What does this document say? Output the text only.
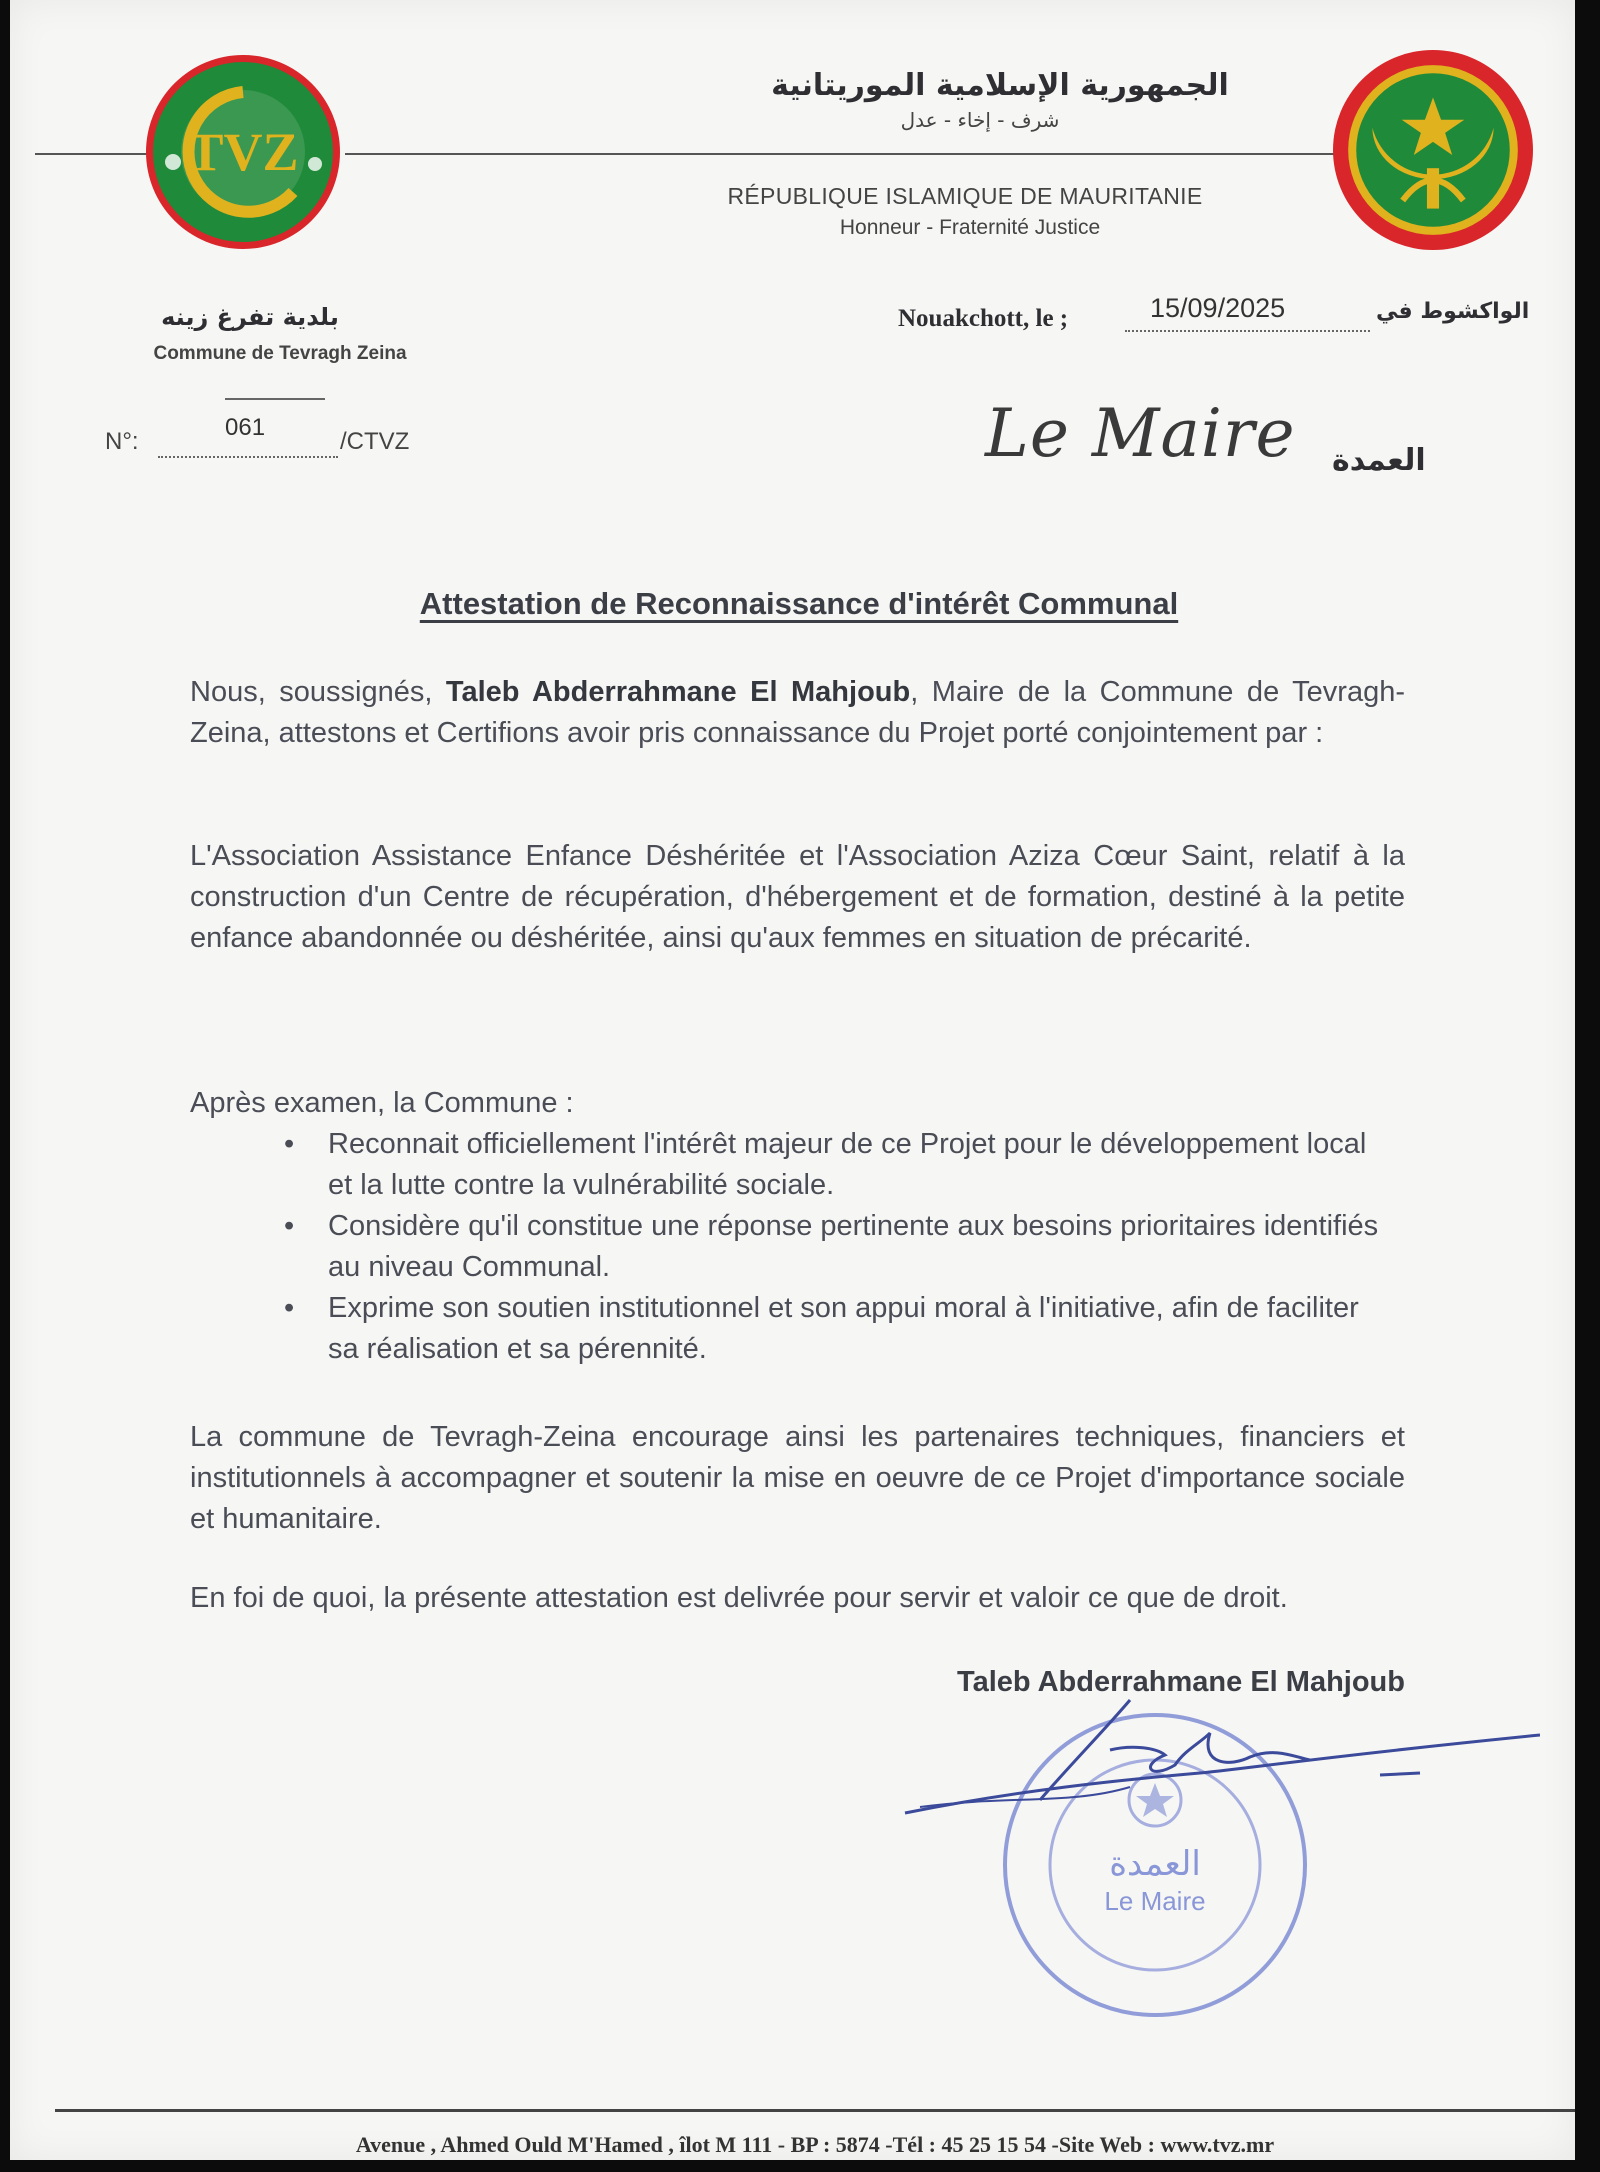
TVZ
الجمهورية الإسلامية الموريتانية
شرف - إخاء - عدل
RÉPUBLIQUE ISLAMIQUE DE MAURITANIE
Honneur - Fraternité Justice
بلدية تفرغ زينه
Commune de Tevragh Zeina
N°:
061
/CTVZ
Nouakchott, le ;	15/09/2025	الواكشوط في
Le Maire العمدة
Attestation de Reconnaissance d'intérêt Communal
Nous, soussignés, Taleb Abderrahmane El Mahjoub, Maire de la Commune de Tevragh-Zeina, attestons et Certifions avoir pris connaissance du Projet porté conjointement par :
L'Association Assistance Enfance Déshéritée et l'Association Aziza Cœur Saint, relatif à la construction d'un Centre de récupération, d'hébergement et de formation, destiné à la petite enfance abandonnée ou déshéritée, ainsi qu'aux femmes en situation de précarité.
Après examen, la Commune :
• Reconnait officiellement l'intérêt majeur de ce Projet pour le développement local et la lutte contre la vulnérabilité sociale.
• Considère qu'il constitue une réponse pertinente aux besoins prioritaires identifiés au niveau Communal.
• Exprime son soutien institutionnel et son appui moral à l'initiative, afin de faciliter sa réalisation et sa pérennité.
La commune de Tevragh-Zeina encourage ainsi les partenaires techniques, financiers et institutionnels à accompagner et soutenir la mise en oeuvre de ce Projet d'importance sociale et humanitaire.
En foi de quoi, la présente attestation est delivrée pour servir et valoir ce que de droit.
Taleb Abderrahmane El Mahjoub
العمدة
Le Maire
Avenue , Ahmed Ould M'Hamed , îlot M 111 - BP : 5874 -Tél : 45 25 15 54 -Site Web : www.tvz.mr
